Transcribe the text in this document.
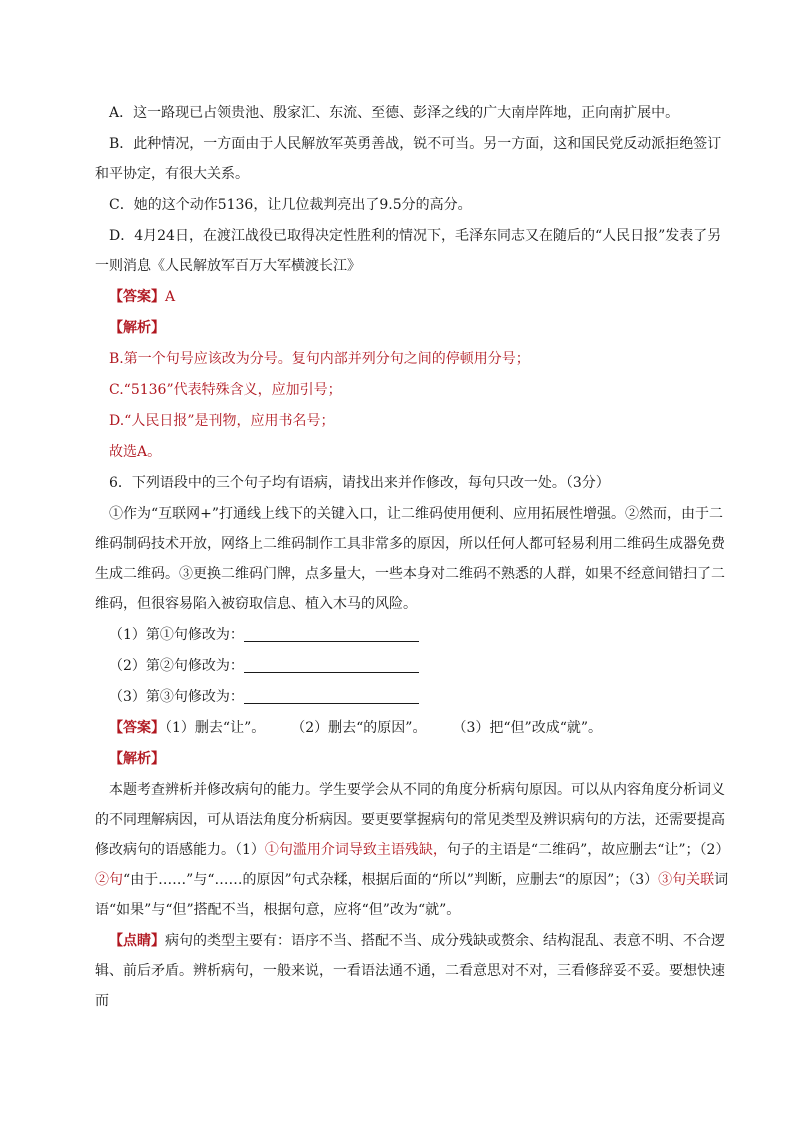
A．这一路现已占领贵池、殷家汇、东流、至德、彭泽之线的广大南岸阵地，正向南扩展中。

B．此种情况，一方面由于人民解放军英勇善战，锐不可当。另一方面，这和国民党反动派拒绝签订和平协定，有很大关系。

C．她的这个动作5136，让几位裁判亮出了9.5分的高分。

D．4月24日，在渡江战役已取得决定性胜利的情况下，毛泽东同志又在随后的“人民日报”发表了另一则消息《人民解放军百万大军横渡长江》

【答案】A

【解析】

B.第一个句号应该改为分号。复句内部并列分句之间的停顿用分号；

C.“5136”代表特殊含义，应加引号；

D.“人民日报”是刊物，应用书名号；

故选A。

6．下列语段中的三个句子均有语病，请找出来并作修改，每句只改一处。（3分）

①作为“互联网+”打通线上线下的关键入口，让二维码使用便利、应用拓展性增强。②然而，由于二维码制码技术开放，网络上二维码制作工具非常多的原因，所以任何人都可轻易利用二维码生成器免费生成二维码。③更换二维码门牌，点多量大，一些本身对二维码不熟悉的人群，如果不经意间错扫了二维码，但很容易陷入被窃取信息、植入木马的风险。

（1）第①句修改为：

（2）第②句修改为：

（3）第③句修改为：

【答案】（1）删去“让”。 （2）删去“的原因”。 （3）把“但”改成“就”。

【解析】

本题考查辨析并修改病句的能力。学生要学会从不同的角度分析病句原因。可以从内容角度分析词义的不同理解病因，可从语法角度分析病因。要更要掌握病句的常见类型及辨识病句的方法，还需要提高修改病句的语感能力。（1）①句滥用介词导致主语残缺，句子的主语是“二维码”，故应删去“让”；（2）②句“由于……”与“……的原因”句式杂糅，根据后面的“所以”判断，应删去“的原因”；（3）③句关联词语“如果”与“但”搭配不当，根据句意，应将“但”改为“就”。

【点睛】病句的类型主要有：语序不当、搭配不当、成分残缺或赘余、结构混乱、表意不明、不合逻辑、前后矛盾。辨析病句，一般来说，一看语法通不通，二看意思对不对，三看修辞妥不妥。要想快速而
